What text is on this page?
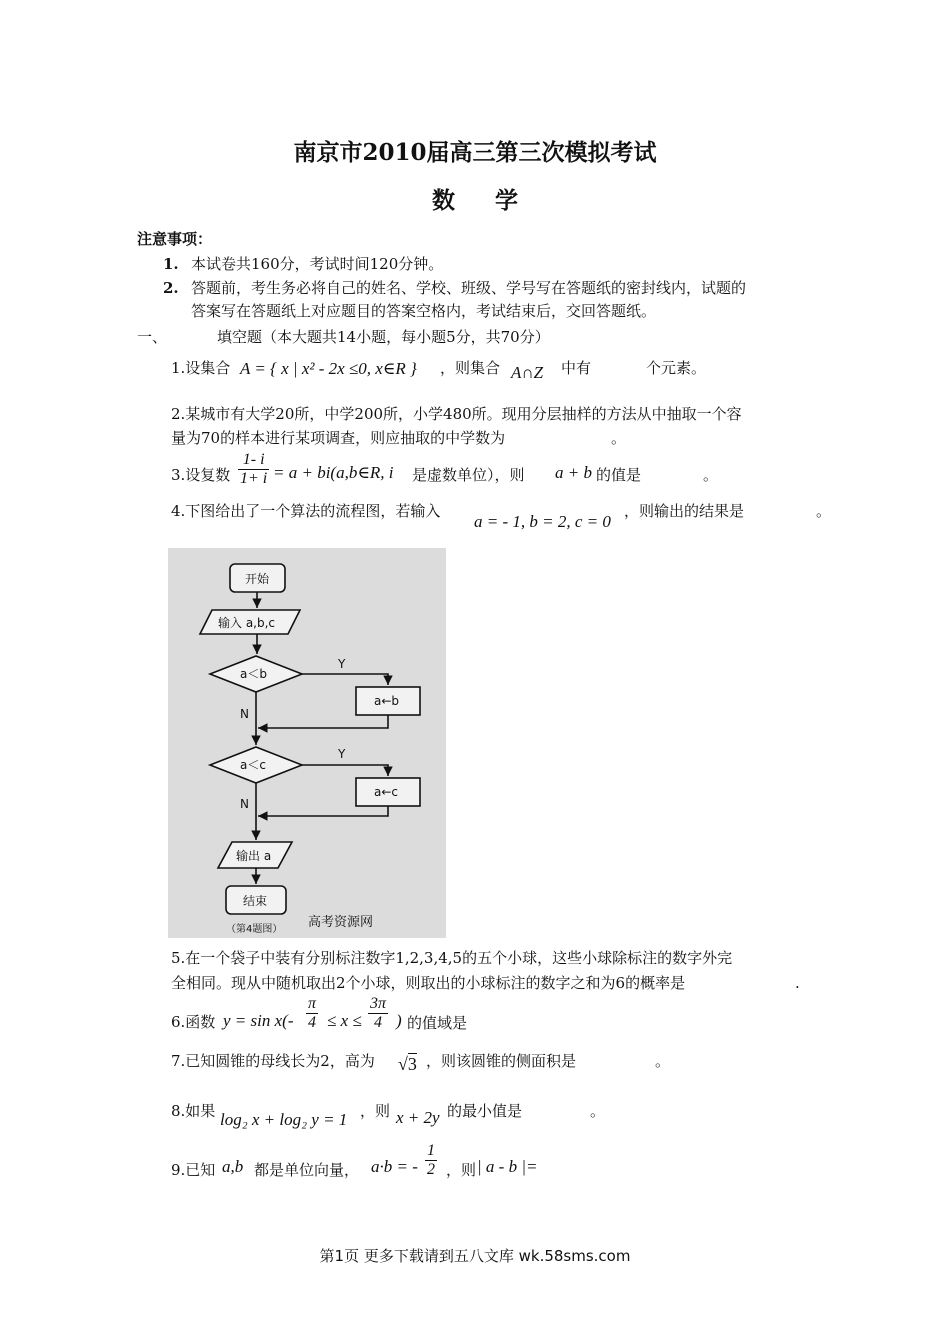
南京市2010届高三第三次模拟考试
数学
注意事项：
1. 本试卷共160分，考试时间120分钟。
2. 答题前，考生务必将自己的姓名、学校、班级、学号写在答题纸的密封线内，试题的
答案写在答题纸上对应题目的答案空格内，考试结束后，交回答题纸。
一、	填空题（本大题共14小题，每小题5分，共70分）
1.设集合 A = { x | x² - 2x ≤0, x∈R } ，则集合 A∩Z 中有	个元素。
2.某城市有大学20所，中学200所，小学480所。现用分层抽样的方法从中抽取一个容
量为70的样本进行某项调查，则应抽取的中学数为	。
3.设复数 $\frac{1- i}{1+ i} = a$ + bi(a,b∈R, i 是虚数单位），则 a + b 的值是	。
4.下图给出了一个算法的流程图，若输入
a = - 1, b = 2, c = 0
，则输出的结果是	。
开始
输入 a,b,c
a＜b
a←b
Y
N
a＜c
a←c
Y
N
输出 a
结束
（第4题图） 高考资源网
5.在一个袋子中装有分别标注数字1,2,3,4,5的五个小球，这些小球除标注的数字外完
全相同。现从中随机取出2个小球，则取出的小球标注的数字之和为6的概率是	.
6.函数 $y = \sin x(- \frac{\pi}{4} \le x \le \frac{3\pi}{4}$ ) 的值域是
7.已知圆锥的母线长为2，高为 √3 ，则该圆锥的侧面积是	。
8.如果 log₂ x + log₂ y = 1 ，则 x + 2y 的最小值是	。
9.已知 a,b 都是单位向量， a·b = - $\frac{1}{2}$ ，则 | a - b |=
第1页 更多下载请到五八文库 wk.58sms.com
